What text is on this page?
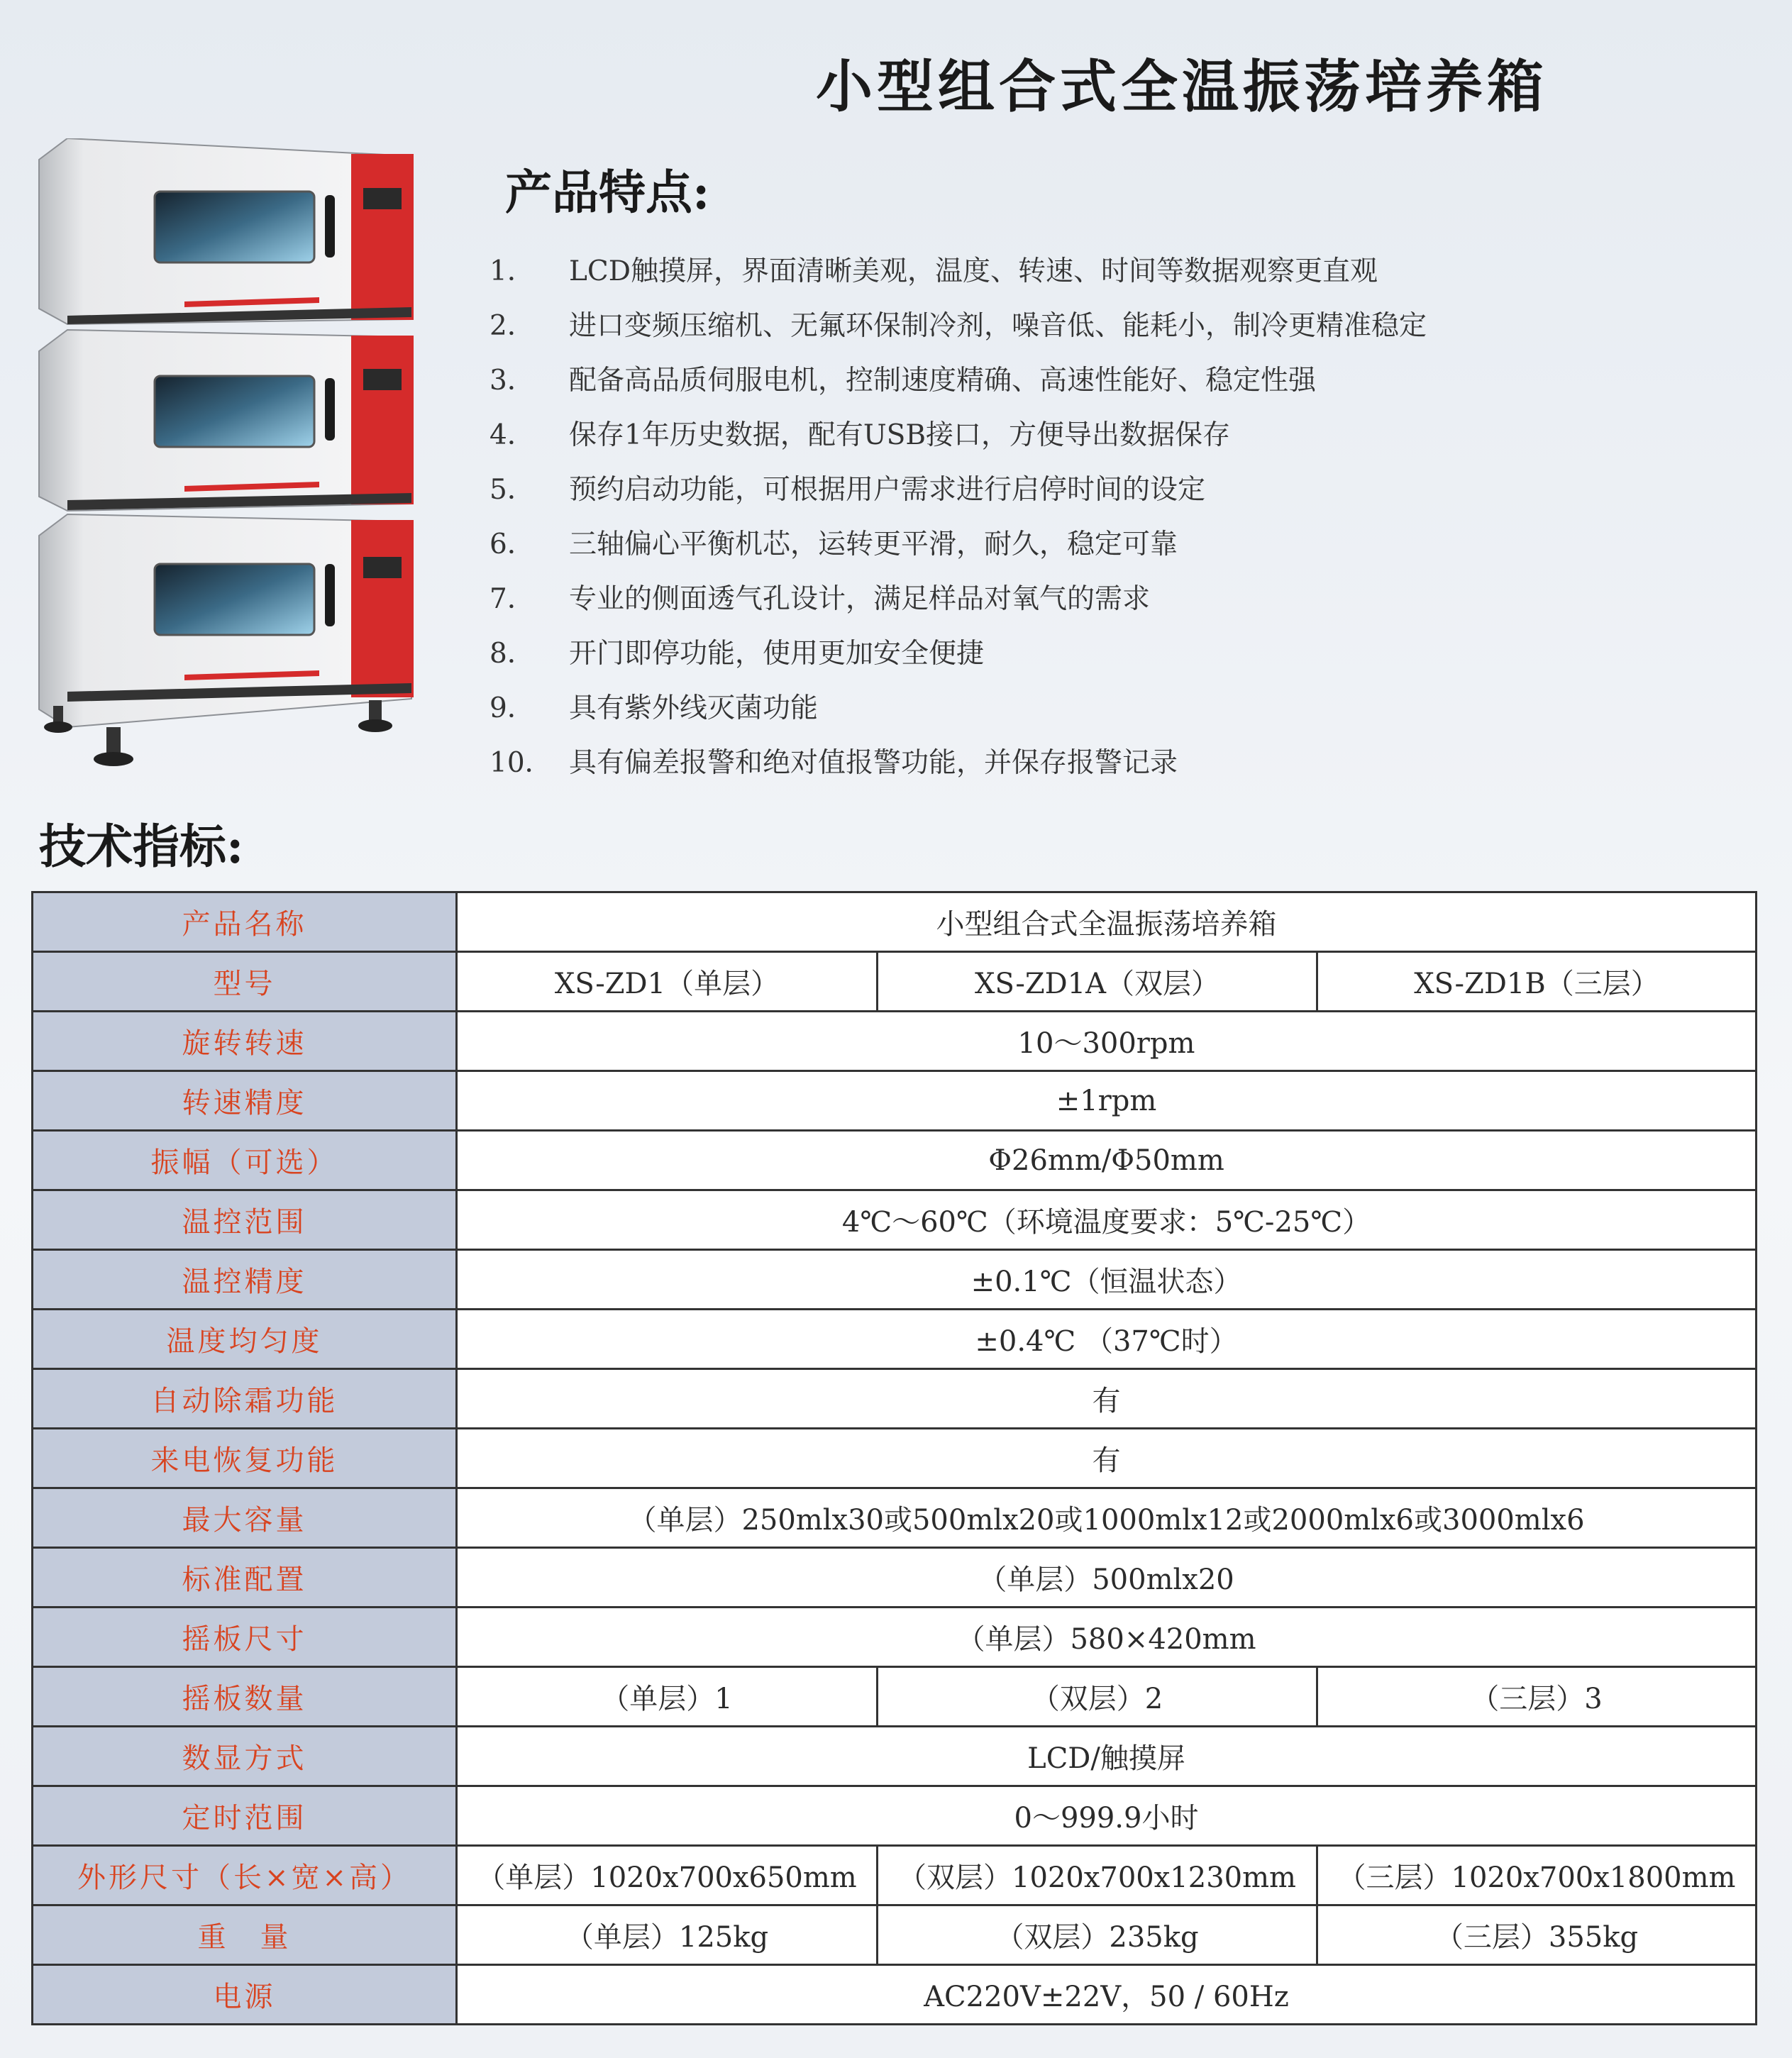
小型组合式全温振荡培养箱
产品特点:
1．	LCD触摸屏，界面清晰美观，温度、转速、时间等数据观察更直观
2．	进口变频压缩机、无氟环保制冷剂，噪音低、能耗小，制冷更精准稳定
3．	配备高品质伺服电机，控制速度精确、高速性能好、稳定性强
4．	保存1年历史数据，配有USB接口，方便导出数据保存
5．	预约启动功能，可根据用户需求进行启停时间的设定
6．	三轴偏心平衡机芯，运转更平滑，耐久，稳定可靠
7．	专业的侧面透气孔设计，满足样品对氧气的需求
8．	开门即停功能，使用更加安全便捷
9．	具有紫外线灭菌功能
10． 具有偏差报警和绝对值报警功能，并保存报警记录
技术指标:
产品名称	小型组合式全温振荡培养箱		
型号	XS-ZD1（单层）	XS-ZD1A（双层）	XS-ZD1B（三层）
旋转转速	10～300rpm		
转速精度	±1rpm		
振幅（可选）	Φ26mm/Φ50mm		
温控范围	4℃～60℃（环境温度要求：5℃-25℃）		
温控精度	±0.1℃（恒温状态）		
温度均匀度	±0.4℃ （37℃时）		
自动除霜功能	有		
来电恢复功能	有		
最大容量	（单层）250mlx30或500mlx20或1000mlx12或2000mlx6或3000mlx6		
标准配置	（单层）500mlx20		
摇板尺寸	（单层）580×420mm		
摇板数量	（单层）1	（双层）2	（三层）3
数显方式	LCD/触摸屏		
定时范围	0～999.9小时		
外形尺寸（长×宽×高）	（单层）1020x700x650mm	（双层）1020x700x1230mm	（三层）1020x700x1800mm
重　量	（单层）125kg	（双层）235kg	（三层）355kg
电源	AC220V±22V，50 / 60Hz		
